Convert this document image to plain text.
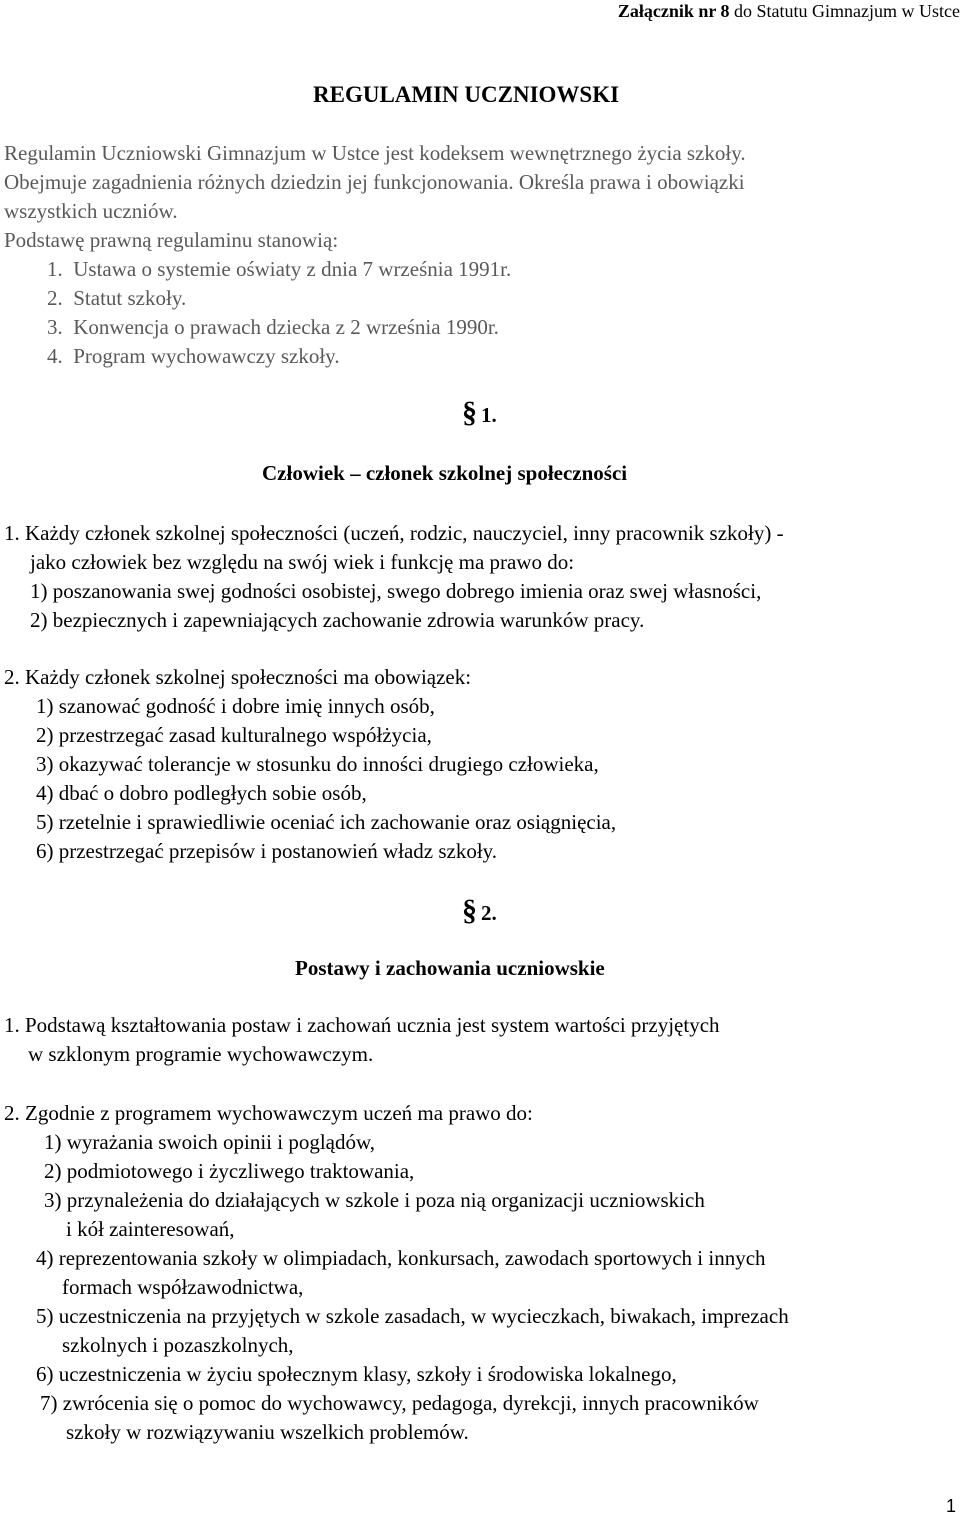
Załącznik nr 8 do Statutu Gimnazjum w Ustce
REGULAMIN UCZNIOWSKI
Regulamin Uczniowski Gimnazjum w Ustce jest kodeksem wewnętrznego życia szkoły.
Obejmuje zagadnienia różnych dziedzin jej funkcjonowania. Określa prawa i obowiązki
wszystkich uczniów.
Podstawę prawną regulaminu stanowią:
1.  Ustawa o systemie oświaty z dnia 7 września 1991r.
2.  Statut szkoły.
3.  Konwencja o prawach dziecka z 2 września 1990r.
4.  Program wychowawczy szkoły.
§ 1.
Człowiek – członek szkolnej społeczności
1. Każdy członek szkolnej społeczności (uczeń, rodzic, nauczyciel, inny pracownik szkoły) -
jako człowiek bez względu na swój wiek i funkcję ma prawo do:
1) poszanowania swej godności osobistej, swego dobrego imienia oraz swej własności,
2) bezpiecznych i zapewniających zachowanie zdrowia warunków pracy.
2. Każdy członek szkolnej społeczności ma obowiązek:
1) szanować godność i dobre imię innych osób,
2) przestrzegać zasad kulturalnego współżycia,
3) okazywać tolerancje w stosunku do inności drugiego człowieka,
4) dbać o dobro podległych sobie osób,
5) rzetelnie i sprawiedliwie oceniać ich zachowanie oraz osiągnięcia,
6) przestrzegać przepisów i postanowień władz szkoły.
§ 2.
Postawy i zachowania uczniowskie
1. Podstawą kształtowania postaw i zachowań ucznia jest system wartości przyjętych
w szklonym programie wychowawczym.
2. Zgodnie z programem wychowawczym uczeń ma prawo do:
1) wyrażania swoich opinii i poglądów,
2) podmiotowego i życzliwego traktowania,
3) przynależenia do działających w szkole i poza nią organizacji uczniowskich
i kół zainteresowań,
4) reprezentowania szkoły w olimpiadach, konkursach, zawodach sportowych i innych
formach współzawodnictwa,
5) uczestniczenia na przyjętych w szkole zasadach, w wycieczkach, biwakach, imprezach
szkolnych i pozaszkolnych,
6) uczestniczenia w życiu społecznym klasy, szkoły i środowiska lokalnego,
7) zwrócenia się o pomoc do wychowawcy, pedagoga, dyrekcji, innych pracowników
szkoły w rozwiązywaniu wszelkich problemów.
1
